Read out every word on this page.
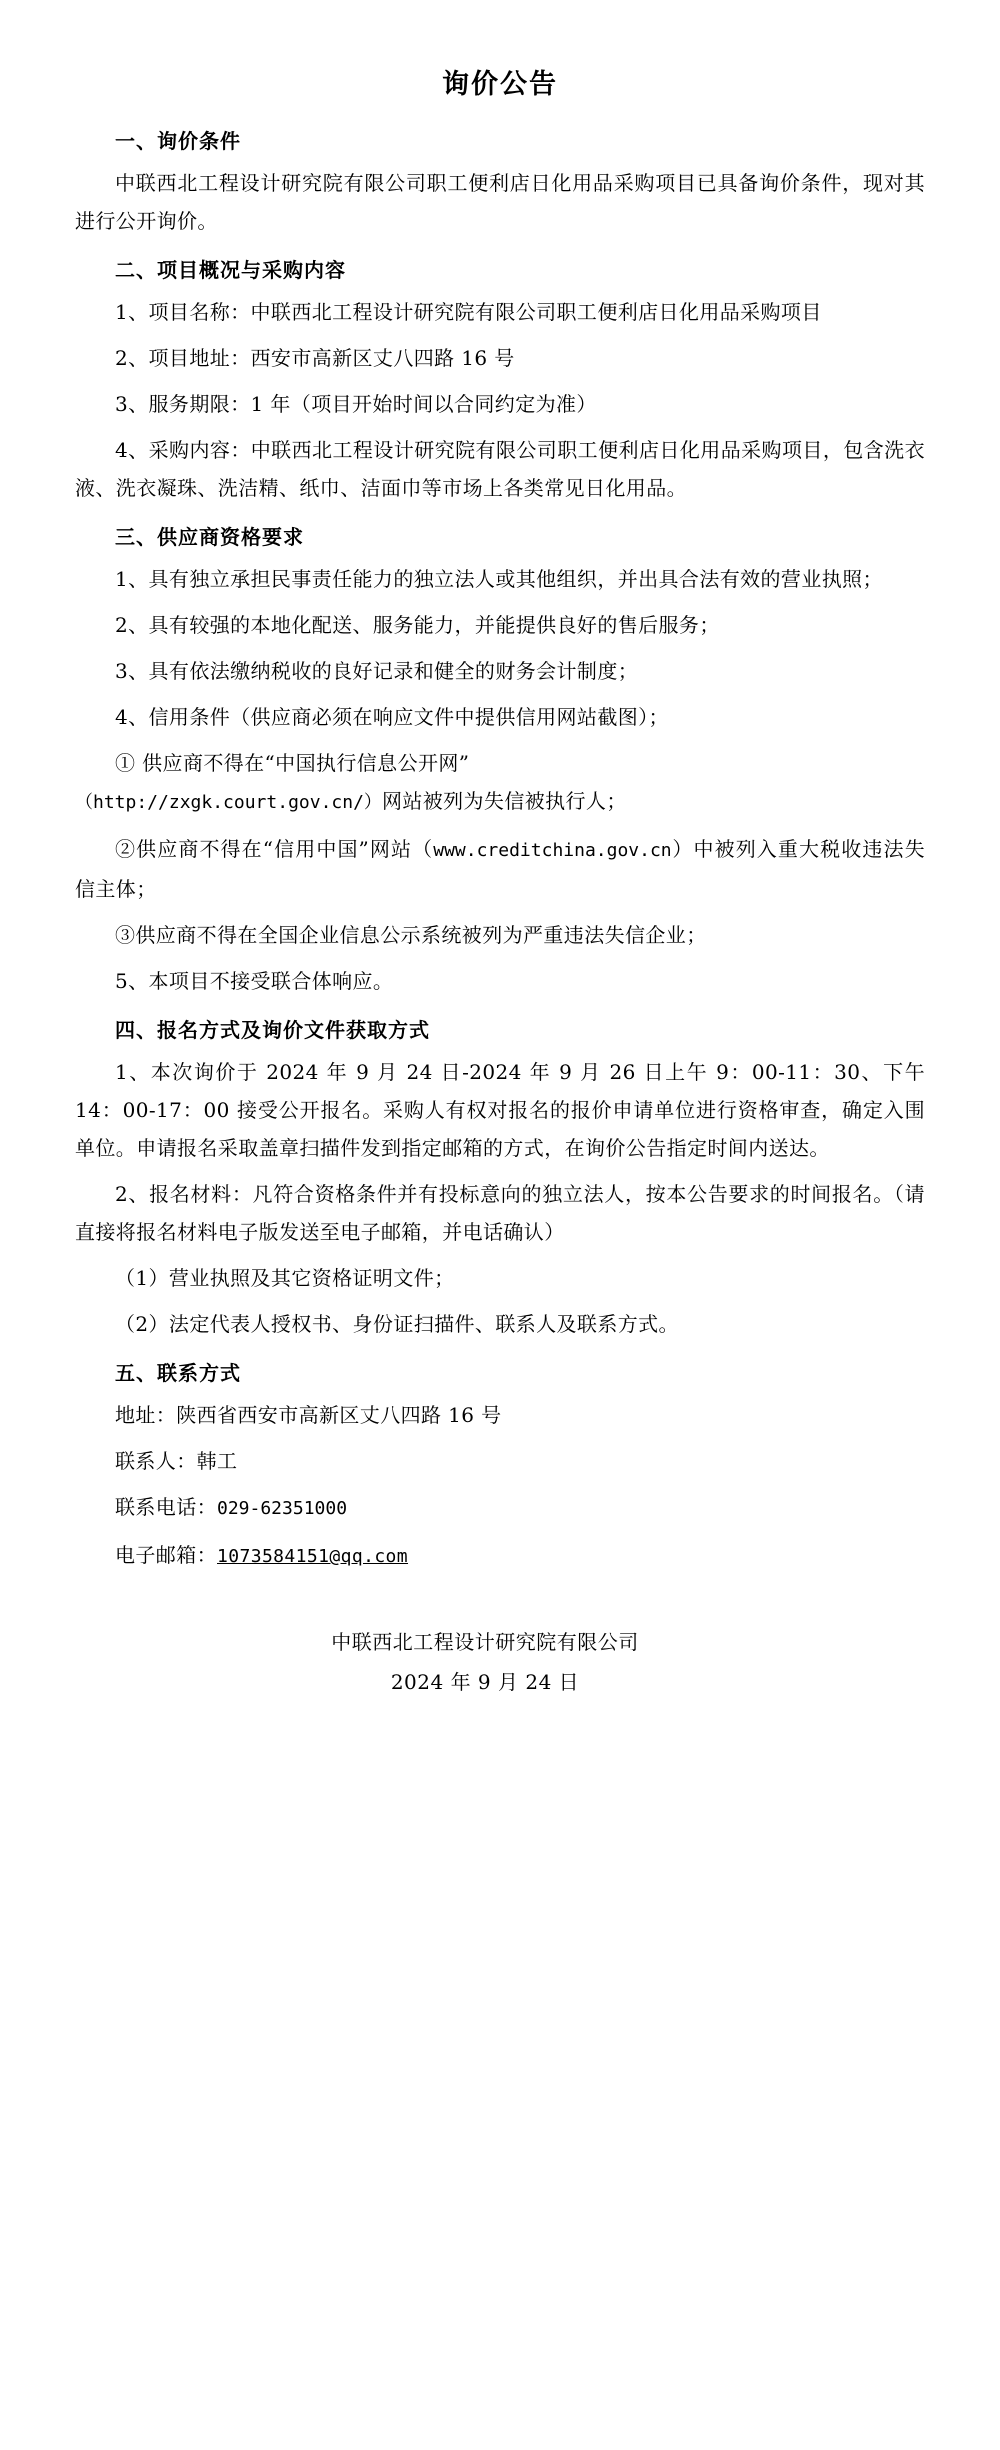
询价公告
一、询价条件

中联西北工程设计研究院有限公司职工便利店日化用品采购项目已具备询价条件，现对其进行公开询价。

二、项目概况与采购内容

1、项目名称：中联西北工程设计研究院有限公司职工便利店日化用品采购项目

2、项目地址：西安市高新区丈八四路 16 号

3、服务期限：1 年（项目开始时间以合同约定为准）

4、采购内容：中联西北工程设计研究院有限公司职工便利店日化用品采购项目，包含洗衣液、洗衣凝珠、洗洁精、纸巾、洁面巾等市场上各类常见日化用品。

三、供应商资格要求

1、具有独立承担民事责任能力的独立法人或其他组织，并出具合法有效的营业执照；

2、具有较强的本地化配送、服务能力，并能提供良好的售后服务；

3、具有依法缴纳税收的良好记录和健全的财务会计制度；

4、信用条件（供应商必须在响应文件中提供信用网站截图）；

① 供应商不得在“中国执行信息公开网”
（http://zxgk.court.gov.cn/）网站被列为失信被执行人；

②供应商不得在“信用中国”网站（www.creditchina.gov.cn）中被列入重大税收违法失信主体；

③供应商不得在全国企业信息公示系统被列为严重违法失信企业；

5、本项目不接受联合体响应。

四、报名方式及询价文件获取方式

1、本次询价于 2024 年 9 月 24 日-2024 年 9 月 26 日上午 9：00-11：30、下午 14：00-17：00 接受公开报名。采购人有权对报名的报价申请单位进行资格审查，确定入围单位。申请报名采取盖章扫描件发到指定邮箱的方式，在询价公告指定时间内送达。

2、报名材料：凡符合资格条件并有投标意向的独立法人，按本公告要求的时间报名。（请直接将报名材料电子版发送至电子邮箱，并电话确认）

（1）营业执照及其它资格证明文件；

（2）法定代表人授权书、身份证扫描件、联系人及联系方式。

五、联系方式

地址：陕西省西安市高新区丈八四路 16 号

联系人：韩工

联系电话：029-62351000

电子邮箱：1073584151@qq.com

中联西北工程设计研究院有限公司
2024 年 9 月 24 日
